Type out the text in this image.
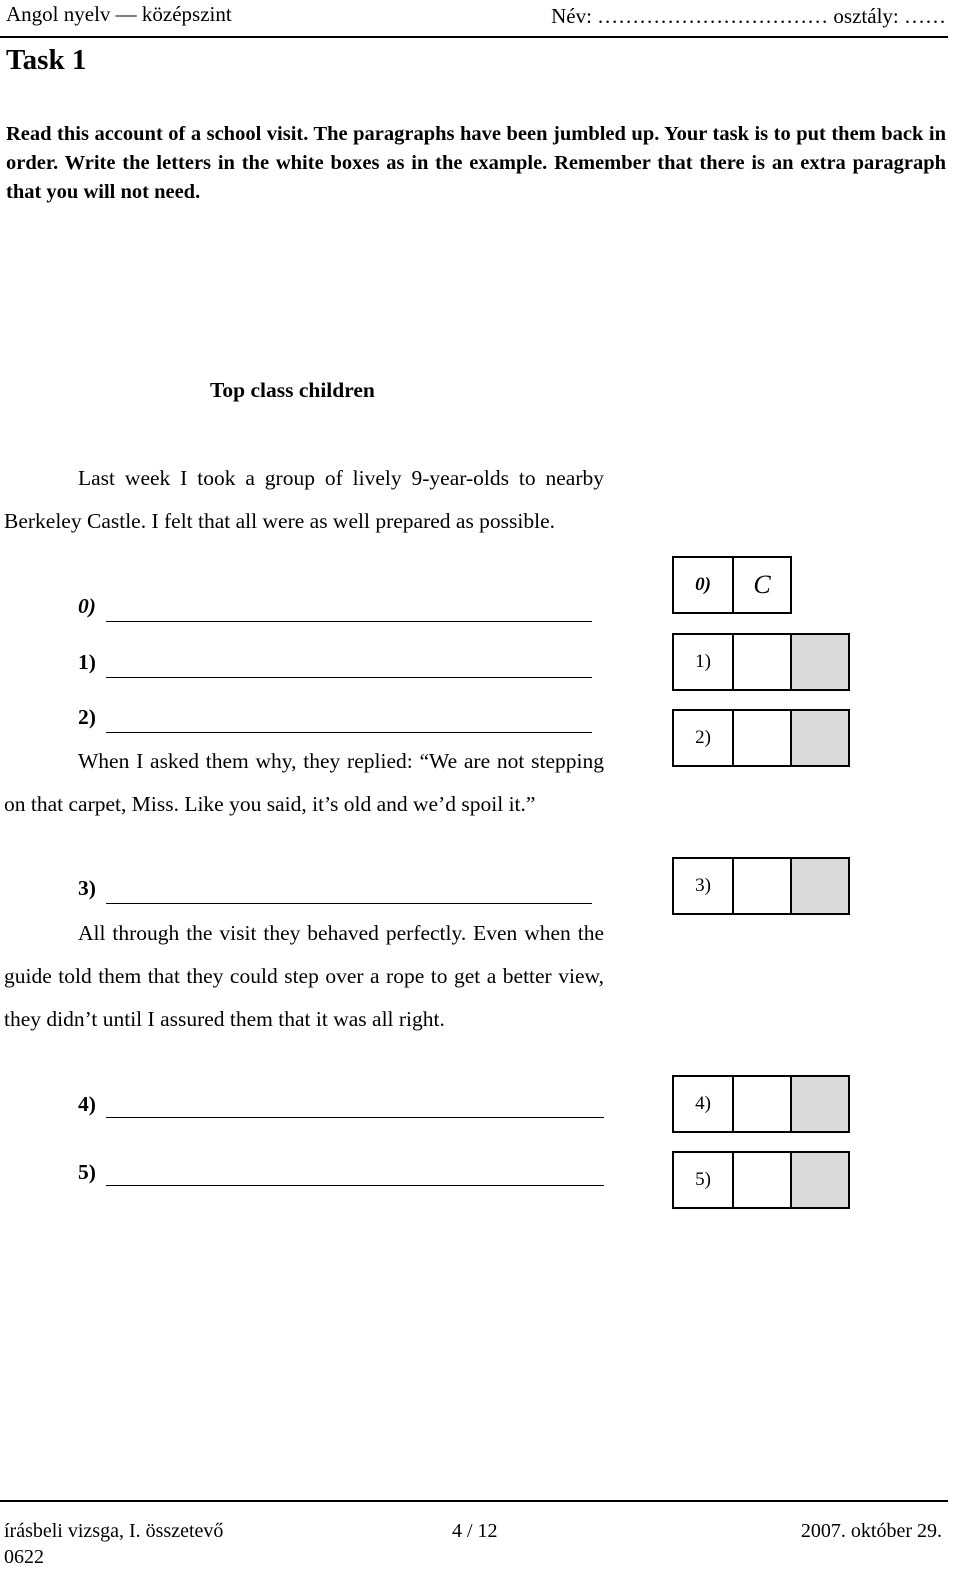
Angol nyelv — középszint	Név: …………………………… osztály: ……
Task 1
Read this account of a school visit. The paragraphs have been jumbled up. Your task is to put them back in order. Write the letters in the white boxes as in the example. Remember that there is an extra paragraph that you will not need.
Top class children
Last week I took a group of lively 9-year-olds to nearby Berkeley Castle. I felt that all were as well prepared as possible.
0)
1)
2)
When I asked them why, they replied: “We are not stepping on that carpet, Miss. Like you said, it’s old and we’d spoil it.”
3)
All through the visit they behaved perfectly. Even when the guide told them that they could step over a rope to get a better view, they didn’t until I assured them that it was all right.
4)
5)
0)	C
1)
2)
3)
4)
5)
írásbeli vizsga, I. összetevő
0622
4 / 12	2007. október 29.
